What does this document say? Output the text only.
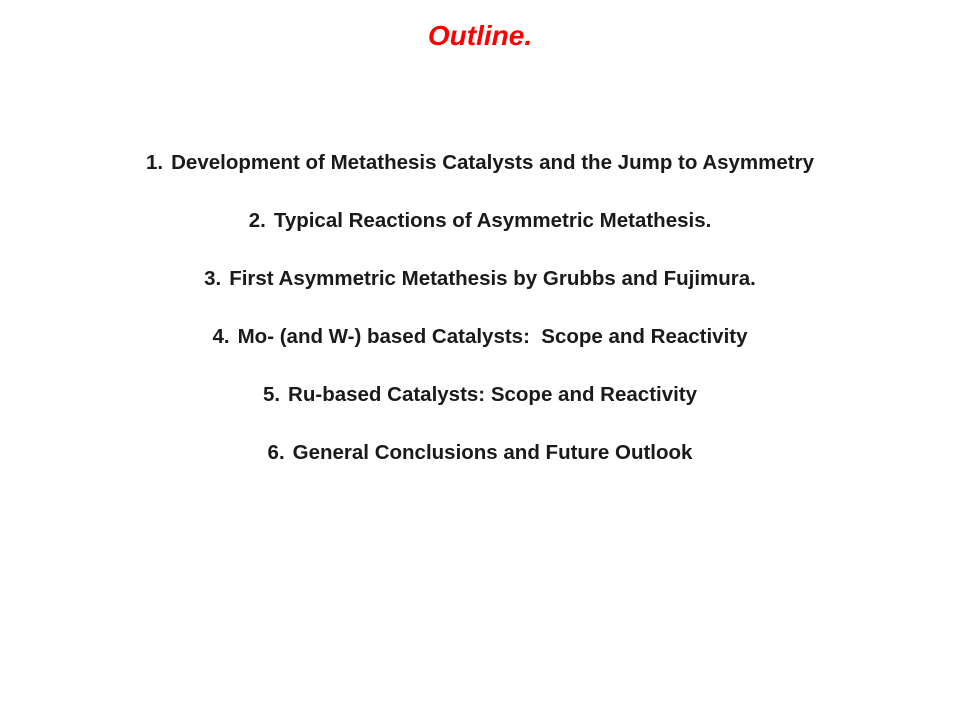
Outline.
1. Development of Metathesis Catalysts and the Jump to Asymmetry
2. Typical Reactions of Asymmetric Metathesis.
3. First Asymmetric Metathesis by Grubbs and Fujimura.
4. Mo- (and W-) based Catalysts:  Scope and Reactivity
5. Ru-based Catalysts: Scope and Reactivity
6. General Conclusions and Future Outlook
